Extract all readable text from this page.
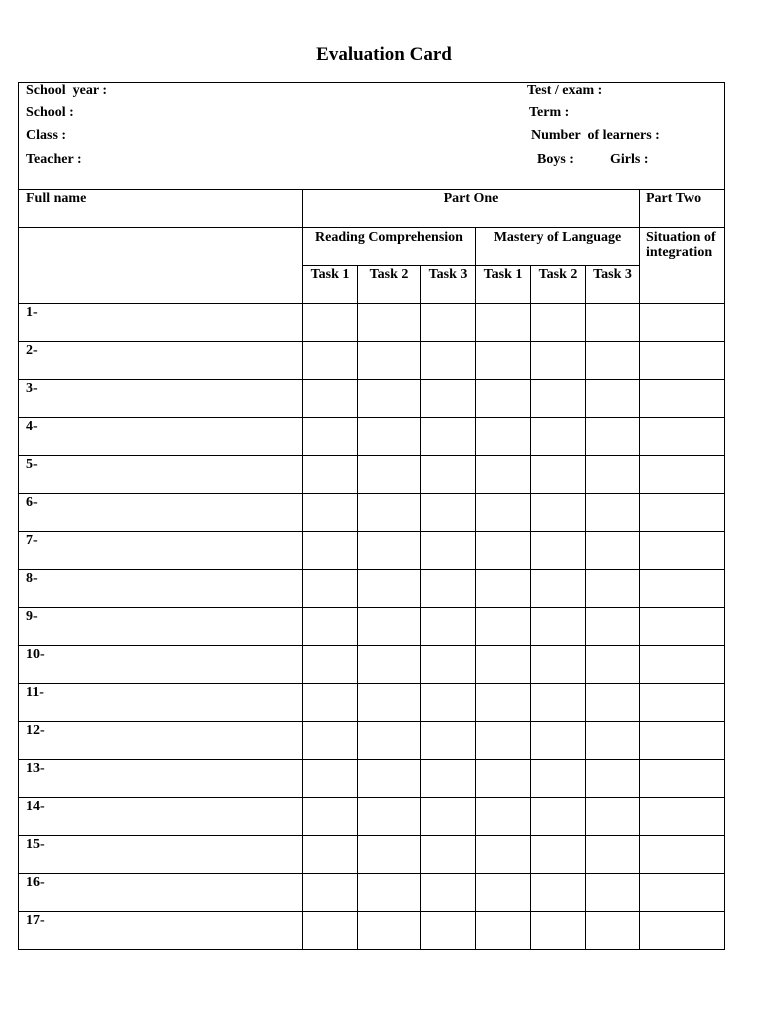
Evaluation Card
School  year :
School :
Class :
Teacher :
Test / exam :
Term :
Number  of learners :
Boys :	Girls :
Full name	Part One						Part Two
	Reading Comprehension			Mastery of Language			Situation of integration
	Task 1	Task 2	Task 3	Task 1	Task 2	Task 3	
1-							
2-							
3-							
4-							
5-							
6-							
7-							
8-							
9-							
10-							
11-							
12-							
13-							
14-							
15-							
16-							
17-							
